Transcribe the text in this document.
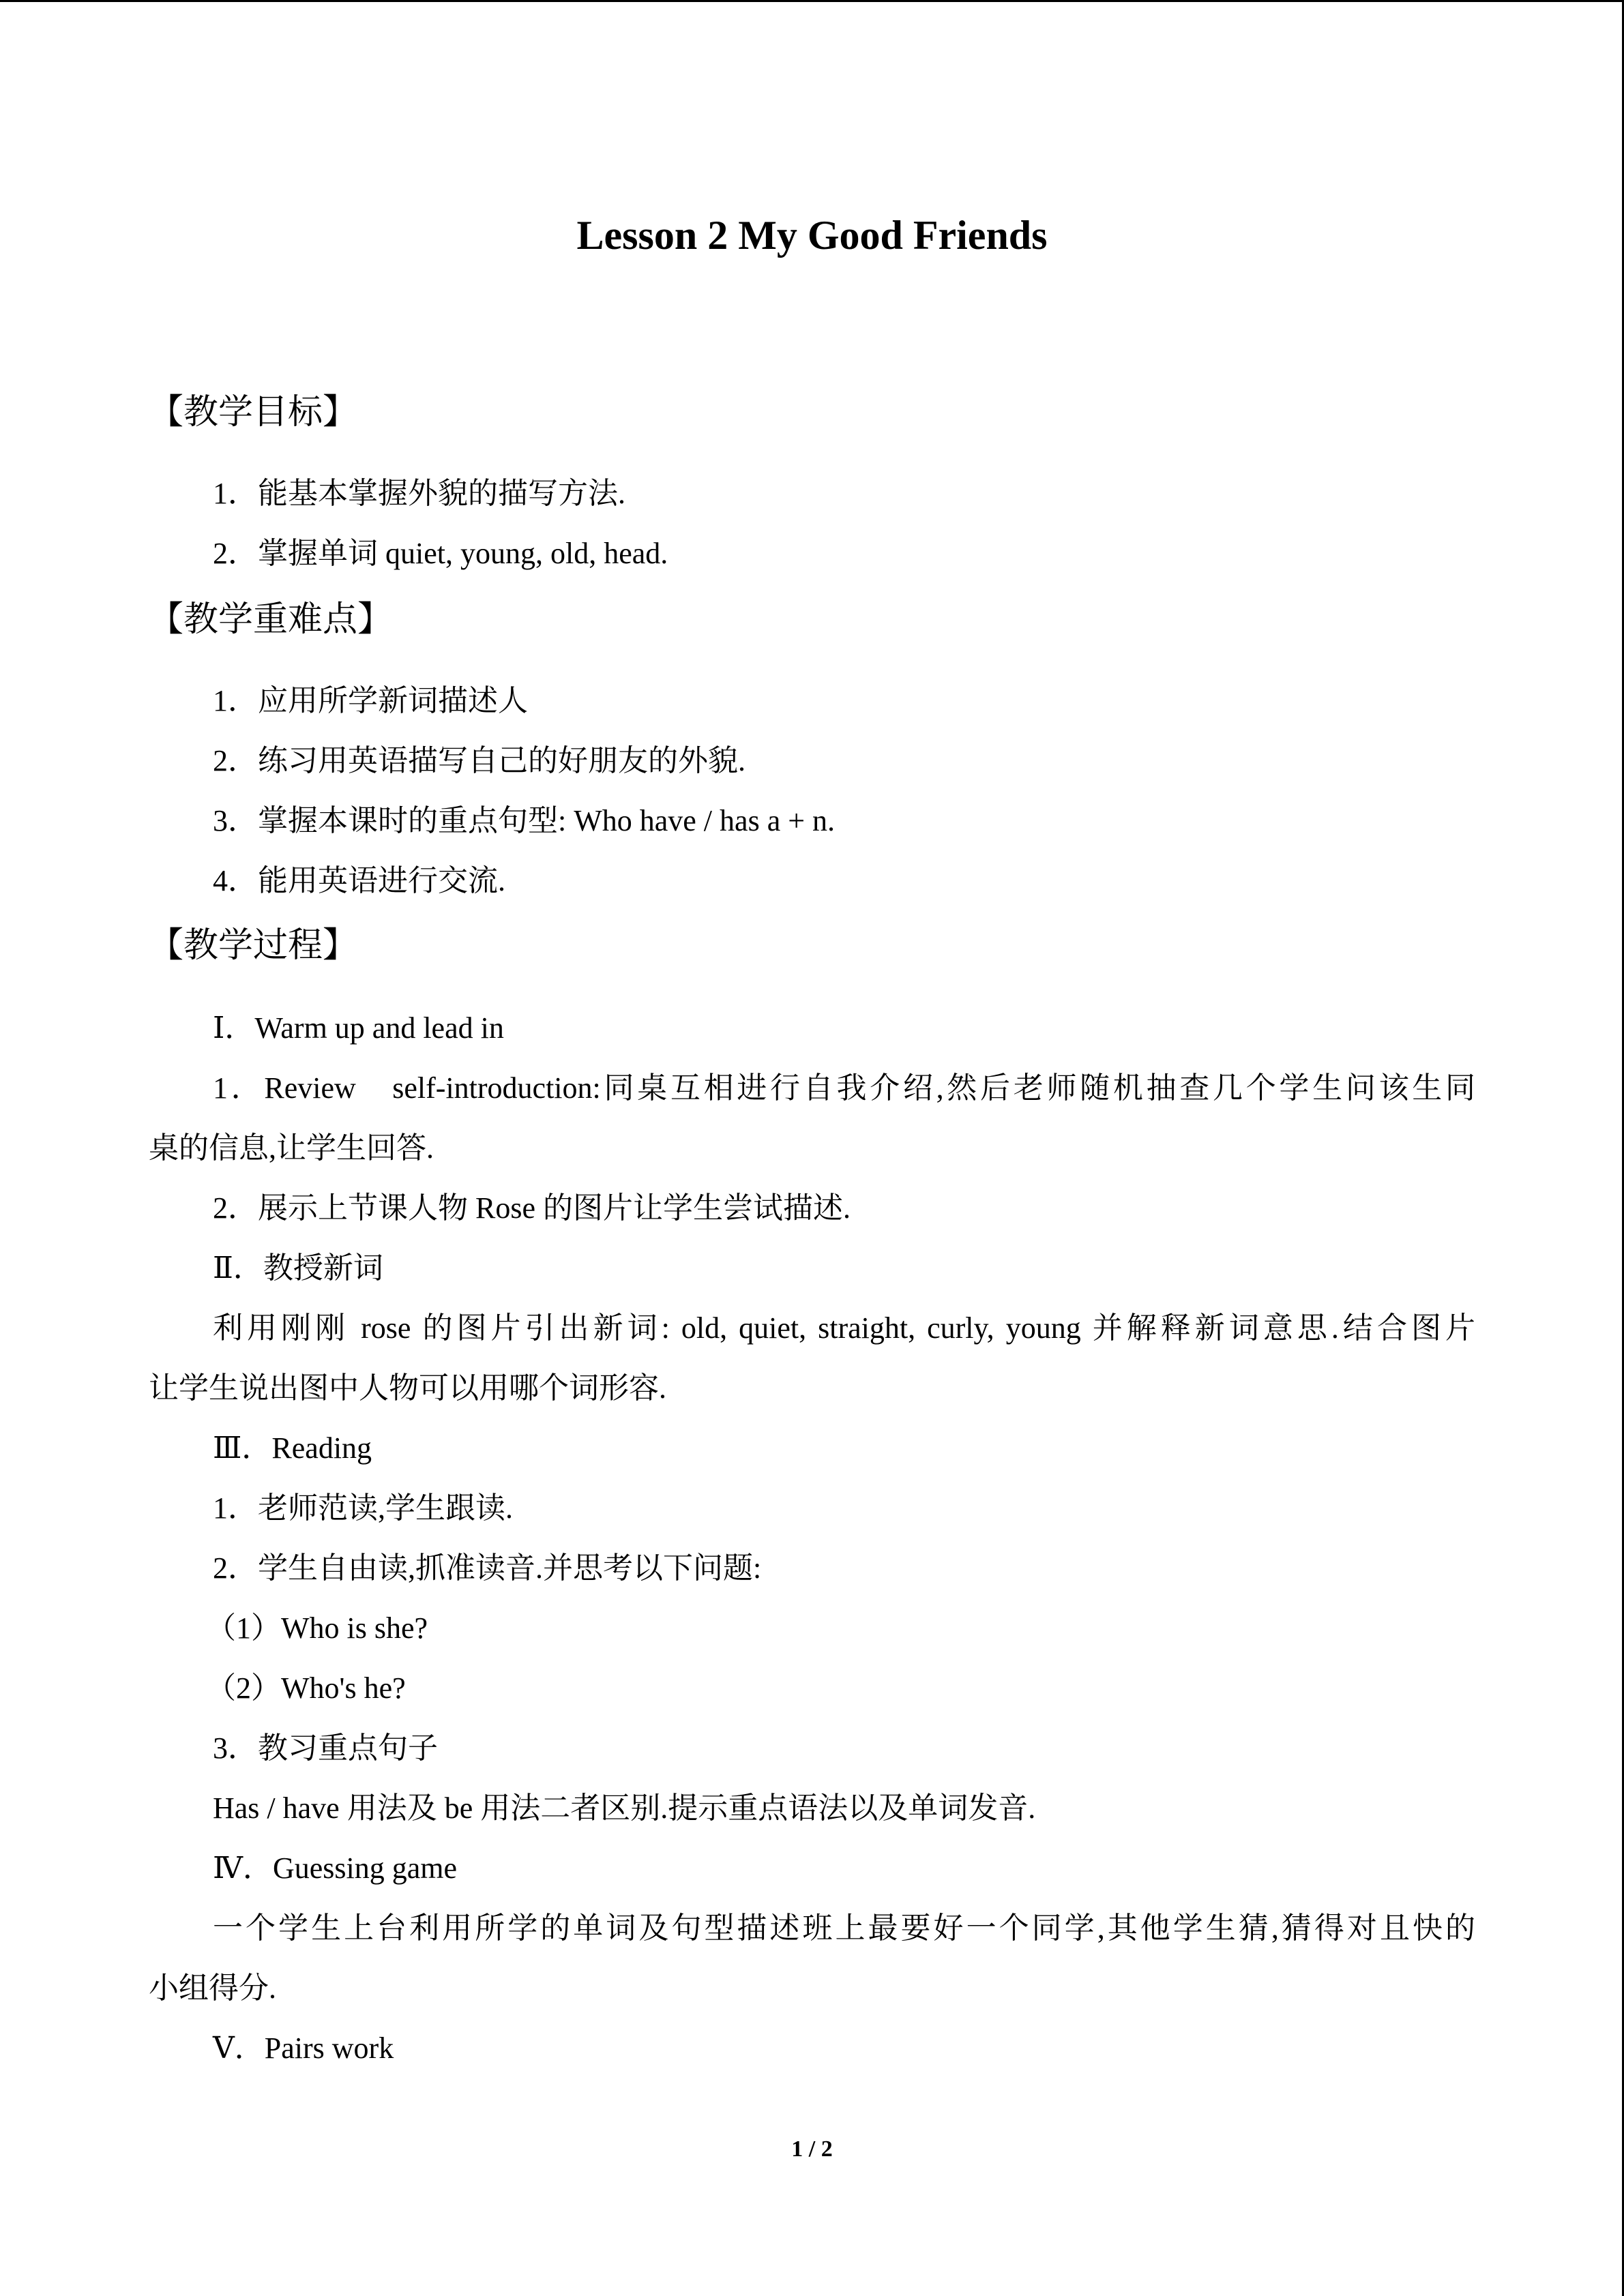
Lesson 2 My Good Friends
【教学目标】
1．能基本掌握外貌的描写方法.
2．掌握单词 quiet, young, old, head.
【教学重难点】
1．应用所学新词描述人
2．练习用英语描写自己的好朋友的外貌.
3．掌握本课时的重点句型: Who have / has a + n.
4．能用英语进行交流.
【教学过程】
Ⅰ．Warm up and lead in
1．Review　self-introduction:同桌互相进行自我介绍,然后老师随机抽查几个学生问该生同
桌的信息,让学生回答.
2．展示上节课人物 Rose 的图片让学生尝试描述.
Ⅱ．教授新词
利用刚刚 rose 的图片引出新词: old, quiet, straight, curly, young 并解释新词意思.结合图片
让学生说出图中人物可以用哪个词形容.
Ⅲ．Reading
1．老师范读,学生跟读.
2．学生自由读,抓准读音.并思考以下问题:
（1）Who is she?
（2）Who's he?
3．教习重点句子
Has / have 用法及 be 用法二者区别.提示重点语法以及单词发音.
Ⅳ．Guessing game
一个学生上台利用所学的单词及句型描述班上最要好一个同学,其他学生猜,猜得对且快的
小组得分.
Ⅴ．Pairs work
1 / 2
